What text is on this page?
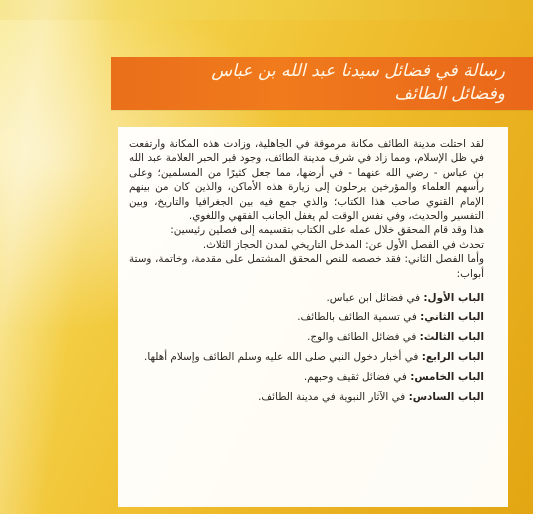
رسالة في فضائل سيدنا عبد الله بن عباس
وفضائل الطائف

لقد احتلت مدينة الطائف مكانة مرموقة في الجاهلية، وزادت هذه المكانة وارتفعت في ظل الإسلام، ومما زاد في شرف مدينة الطائف، وجود قبر الحبر العلامة عبد الله بن عباس - رضي الله عنهما - في أرضها، مما جعل كثيرًا من المسلمين؛ وعلى رأسهم العلماء والمؤرخين يرحلون إلى زيارة هذه الأماكن، والذين كان من بينهم الإمام القنوي صاحب هذا الكتاب؛ والذي جمع فيه بين الجغرافيا والتاريخ، وبين التفسير والحديث، وفي نفس الوقت لم يغفل الجانب الفقهي واللغوي.

هذا وقد قام المحقق خلال عمله على الكتاب بتقسيمه إلى فصلين رئيسين:

تحدث في الفصل الأول عن: المدخل التاريخي لمدن الحجاز الثلاث.

وأما الفصل الثاني: فقد خصصه للنص المحقق المشتمل على مقدمة، وخاتمة، وستة أبواب:

الباب الأول: في فضائل ابن عباس.

الباب الثاني: في تسمية الطائف بالطائف.

الباب الثالث: في فضائل الطائف والوج.

الباب الرابع: في أخبار دخول النبي صلى الله عليه وسلم الطائف وإسلام أهلها.

الباب الخامس: في فضائل ثقيف وحبهم.

الباب السادس: في الآثار النبوية في مدينة الطائف.
